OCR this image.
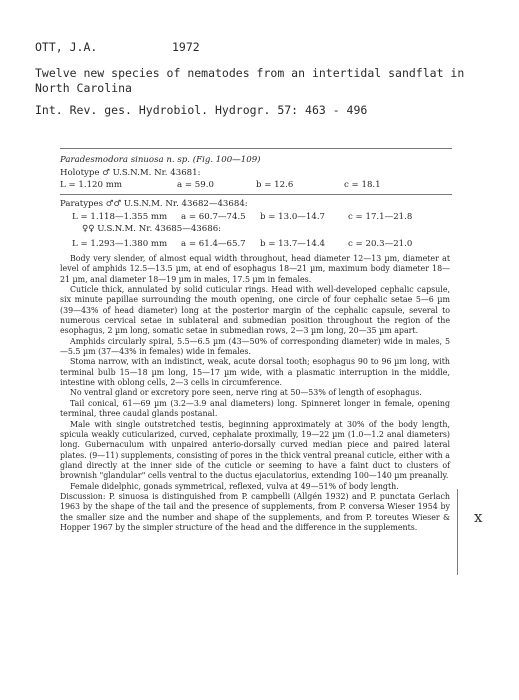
OTT, J.A.	1972
Twelve new species of nematodes from an intertidal sandflat in North Carolina
Int. Rev. ges. Hydrobiol. Hydrogr. 57: 463 - 496
Paradesmodora sinuosa n. sp. (Fig. 100—109)
Holotype ♂ U.S.N.M. Nr. 43681:
L = 1.120 mm	a = 59.0	b = 12.6	c = 18.1
Paratypes ♂♂ U.S.N.M. Nr. 43682—43684:
L = 1.118—1.355 mm a = 60.7—74.5 b = 13.0—14.7	c = 17.1—21.8
♀♀ U.S.N.M. Nr. 43685—43686:
L = 1.293—1.380 mm a = 61.4—65.7 b = 13.7—14.4	c = 20.3—21.0

Body very slender, of almost equal width throughout, head diameter 12—13 µm, diameter at level of amphids 12.5—13.5 µm, at end of esophagus 18—21 µm, maximum body diameter 18—21 µm, anal diameter 18—19 µm in males, 17.5 µm in females.

Cuticle thick, annulated by solid cuticular rings. Head with well-developed cephalic capsule, six minute papillae surrounding the mouth opening, one circle of four cephalic setae 5—6 µm (39—43% of head diameter) long at the posterior margin of the cephalic capsule, several to numerous cervical setae in sublateral and submedian position throughout the region of the esophagus, 2 µm long, somatic setae in submedian rows, 2—3 µm long, 20—35 µm apart.

Amphids circularly spiral, 5.5—6.5 µm (43—50% of corresponding diameter) wide in males, 5—5.5 µm (37—43% in females) wide in females.

Stoma narrow, with an indistinct, weak, acute dorsal tooth; esophagus 90 to 96 µm long, with terminal bulb 15—18 µm long, 15—17 µm wide, with a plasmatic interruption in the middle, intestine with oblong cells, 2—3 cells in circumference.

No ventral gland or excretory pore seen, nerve ring at 50—53% of length of esophagus.

Tail conical, 61—69 µm (3.2—3.9 anal diameters) long. Spinneret longer in female, opening terminal, three caudal glands postanal.

Male with single outstretched testis, beginning approximately at 30% of the body length, spicula weakly cuticularized, curved, cephalate proximally, 19—22 µm (1.0—1.2 anal diameters) long. Gubernaculum with unpaired anterio-dorsally curved median piece and paired lateral plates. (9—11) supplements, consisting of pores in the thick ventral preanal cuticle, either with a gland directly at the inner side of the cuticle or seeming to have a faint duct to clusters of brownish "glandular" cells ventral to the ductus ejaculatorius, extending 100—140 µm preanally.

Female didelphic, gonads symmetrical, reflexed, vulva at 49—51% of body length.

Discussion: P. sinuosa is distinguished from P. campbelli (Allgén 1932) and P. punctata Gerlach 1963 by the shape of the tail and the presence of supplements, from P. conversa Wieser 1954 by the smaller size and the number and shape of the supplements, and from P. toreutes Wieser & Hopper 1967 by the simpler structure of the head and the difference in the supplements.

x
